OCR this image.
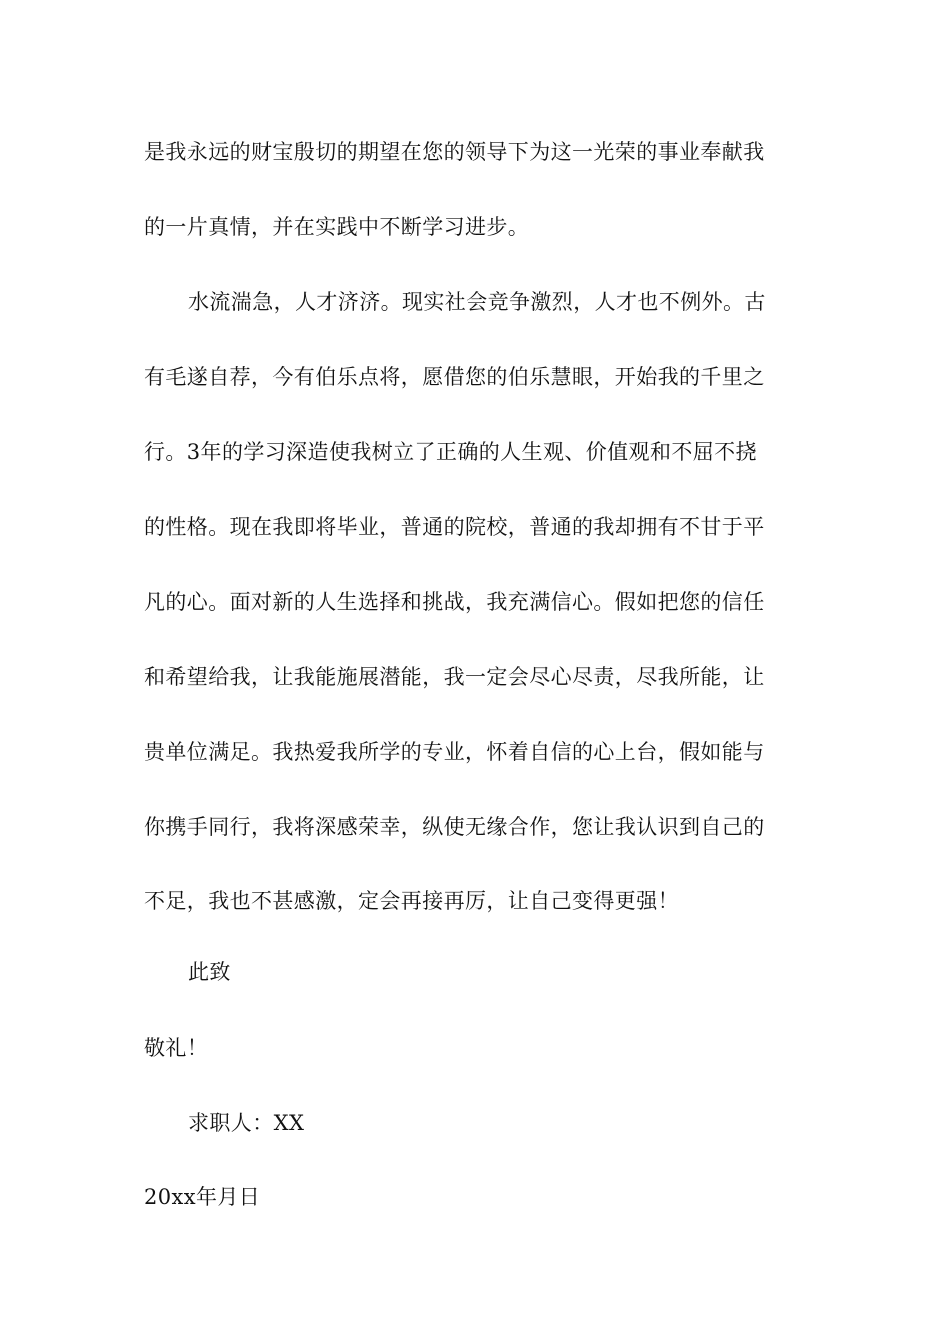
是我永远的财宝殷切的期望在您的领导下为这一光荣的事业奉献我
的一片真情，并在实践中不断学习进步。
水流湍急，人才济济。现实社会竞争激烈，人才也不例外。古
有毛遂自荐，今有伯乐点将，愿借您的伯乐慧眼，开始我的千里之
行。3年的学习深造使我树立了正确的人生观、价值观和不屈不挠
的性格。现在我即将毕业，普通的院校，普通的我却拥有不甘于平
凡的心。面对新的人生选择和挑战，我充满信心。假如把您的信任
和希望给我，让我能施展潜能，我一定会尽心尽责，尽我所能，让
贵单位满足。我热爱我所学的专业，怀着自信的心上台，假如能与
你携手同行，我将深感荣幸，纵使无缘合作，您让我认识到自己的
不足，我也不甚感激，定会再接再厉，让自己变得更强！
此致
敬礼！
求职人：XX
20xx年月日
